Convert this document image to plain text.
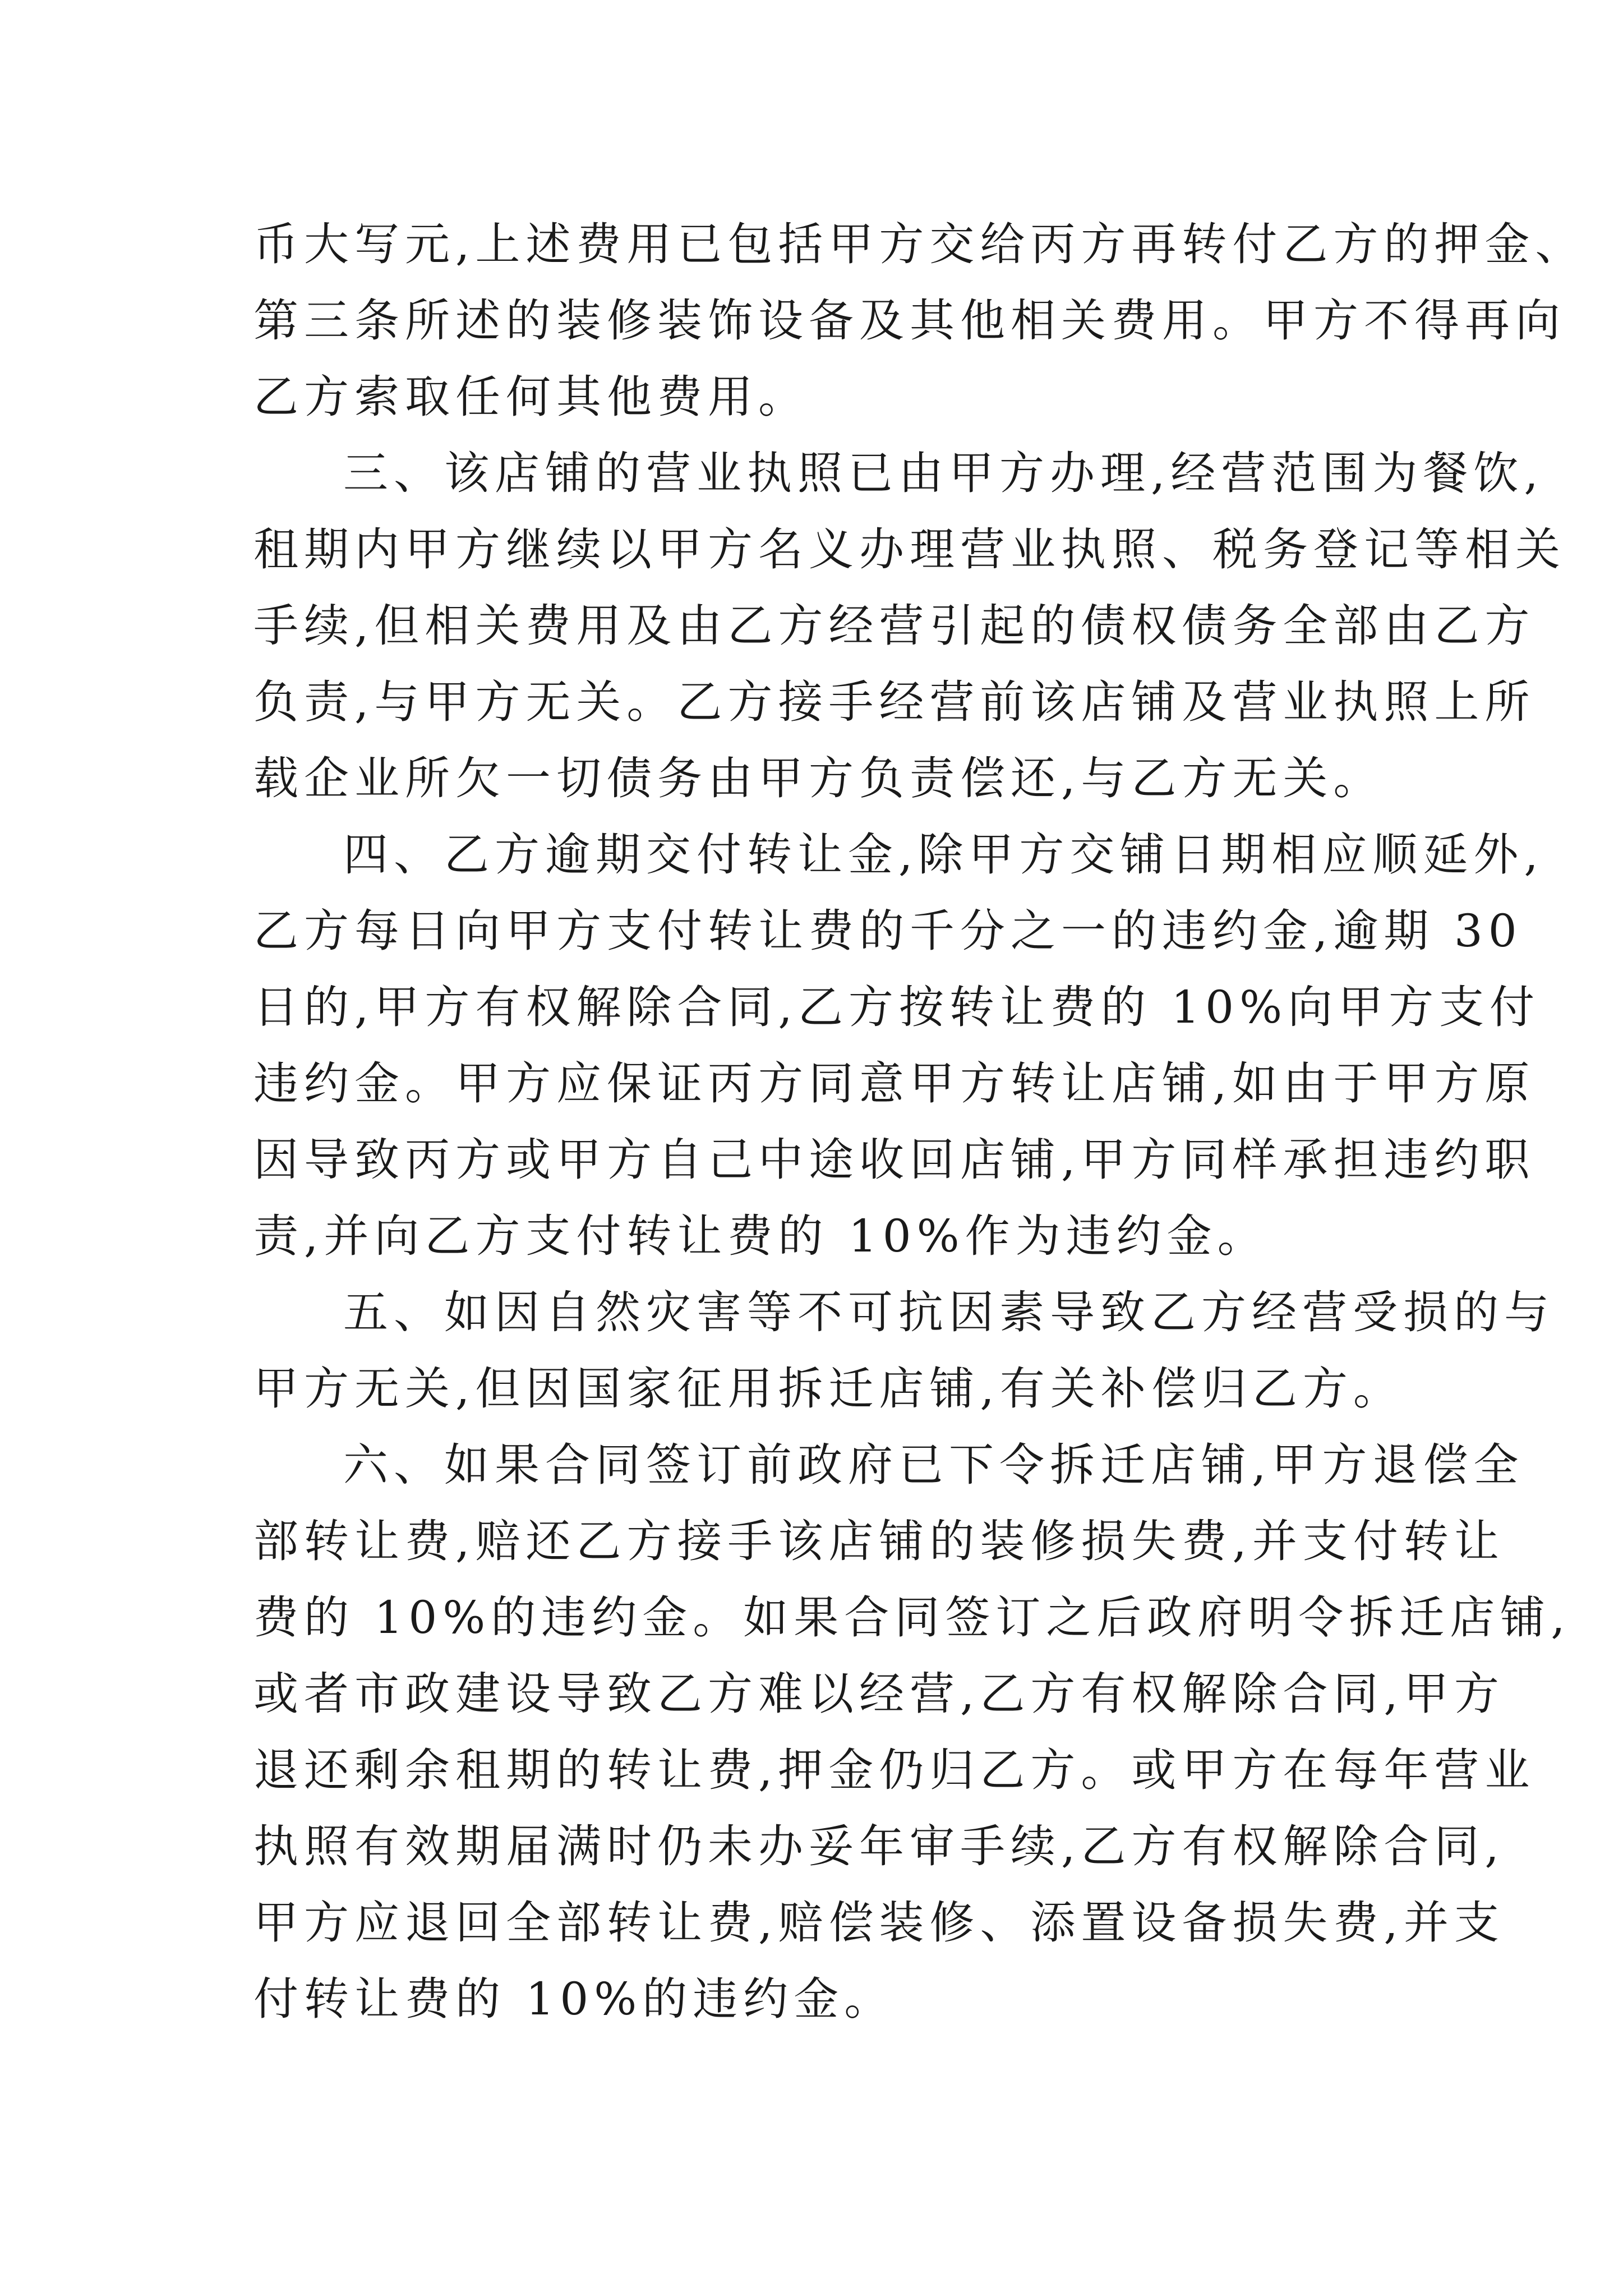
币大写元,上述费用已包括甲方交给丙方再转付乙方的押金、
第三条所述的装修装饰设备及其他相关费用。甲方不得再向
乙方索取任何其他费用。
三、该店铺的营业执照已由甲方办理,经营范围为餐饮,
租期内甲方继续以甲方名义办理营业执照、税务登记等相关
手续,但相关费用及由乙方经营引起的债权债务全部由乙方
负责,与甲方无关。乙方接手经营前该店铺及营业执照上所
载企业所欠一切债务由甲方负责偿还,与乙方无关。
四、乙方逾期交付转让金,除甲方交铺日期相应顺延外,
乙方每日向甲方支付转让费的千分之一的违约金,逾期 30
日的,甲方有权解除合同,乙方按转让费的 10%向甲方支付
违约金。甲方应保证丙方同意甲方转让店铺,如由于甲方原
因导致丙方或甲方自己中途收回店铺,甲方同样承担违约职
责,并向乙方支付转让费的 10%作为违约金。
五、如因自然灾害等不可抗因素导致乙方经营受损的与
甲方无关,但因国家征用拆迁店铺,有关补偿归乙方。
六、如果合同签订前政府已下令拆迁店铺,甲方退偿全
部转让费,赔还乙方接手该店铺的装修损失费,并支付转让
费的 10%的违约金。如果合同签订之后政府明令拆迁店铺,
或者市政建设导致乙方难以经营,乙方有权解除合同,甲方
退还剩余租期的转让费,押金仍归乙方。或甲方在每年营业
执照有效期届满时仍未办妥年审手续,乙方有权解除合同,
甲方应退回全部转让费,赔偿装修、添置设备损失费,并支
付转让费的 10%的违约金。
